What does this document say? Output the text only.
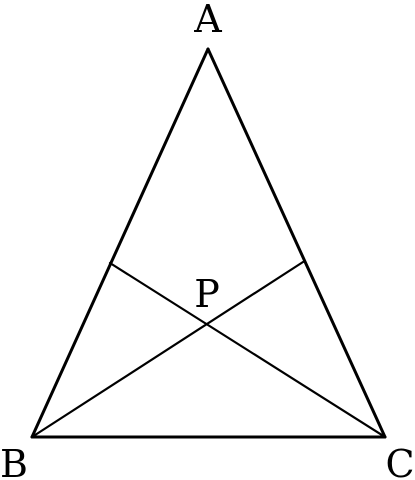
A
B	C
P
